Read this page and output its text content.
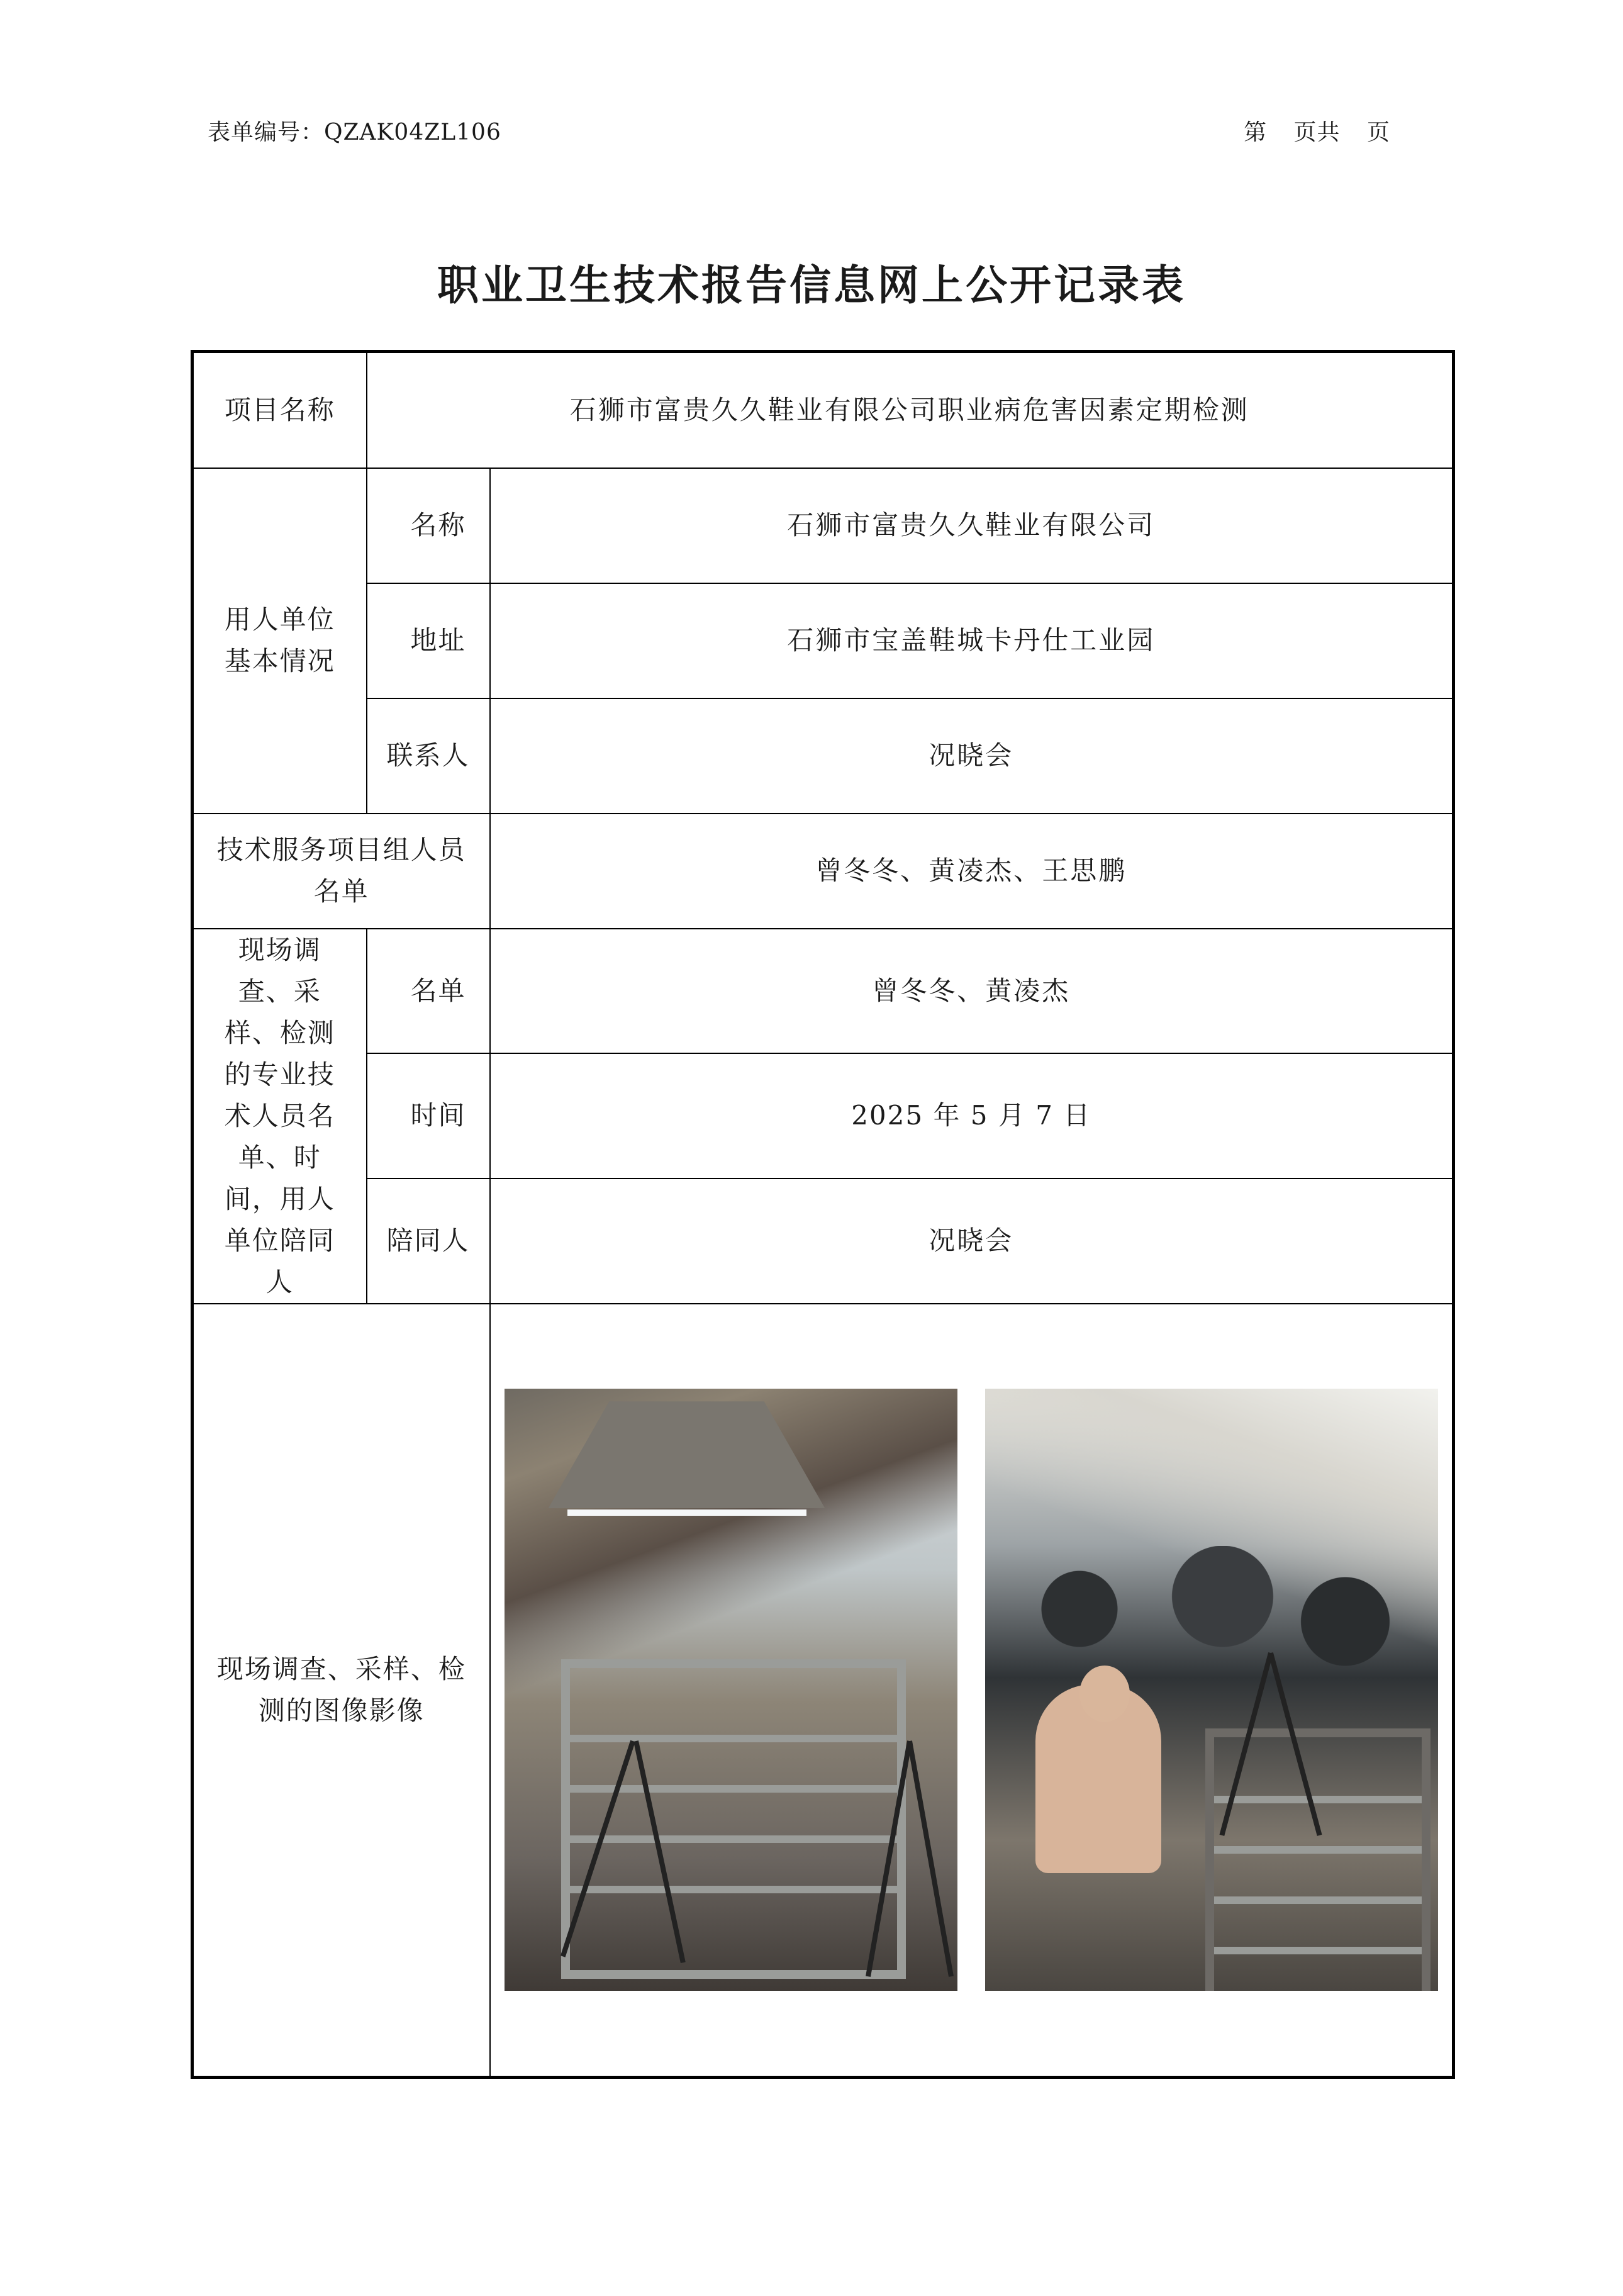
表单编号：QZAK04ZL106	第 页共 页
职业卫生技术报告信息网上公开记录表
项目名称	石狮市富贵久久鞋业有限公司职业病危害因素定期检测	
用人单位基本情况	名称	石狮市富贵久久鞋业有限公司
	地址	石狮市宝盖鞋城卡丹仕工业园
	联系人	况晓会
技术服务项目组人员名单		曾冬冬、黄凌杰、王思鹏
现场调查、采样、检测的专业技术人员名单、时间，用人单位陪同人	名单	曾冬冬、黄凌杰
	时间	2025 年 5 月 7 日
	陪同人	况晓会
现场调查、采样、检测的图像影像		
